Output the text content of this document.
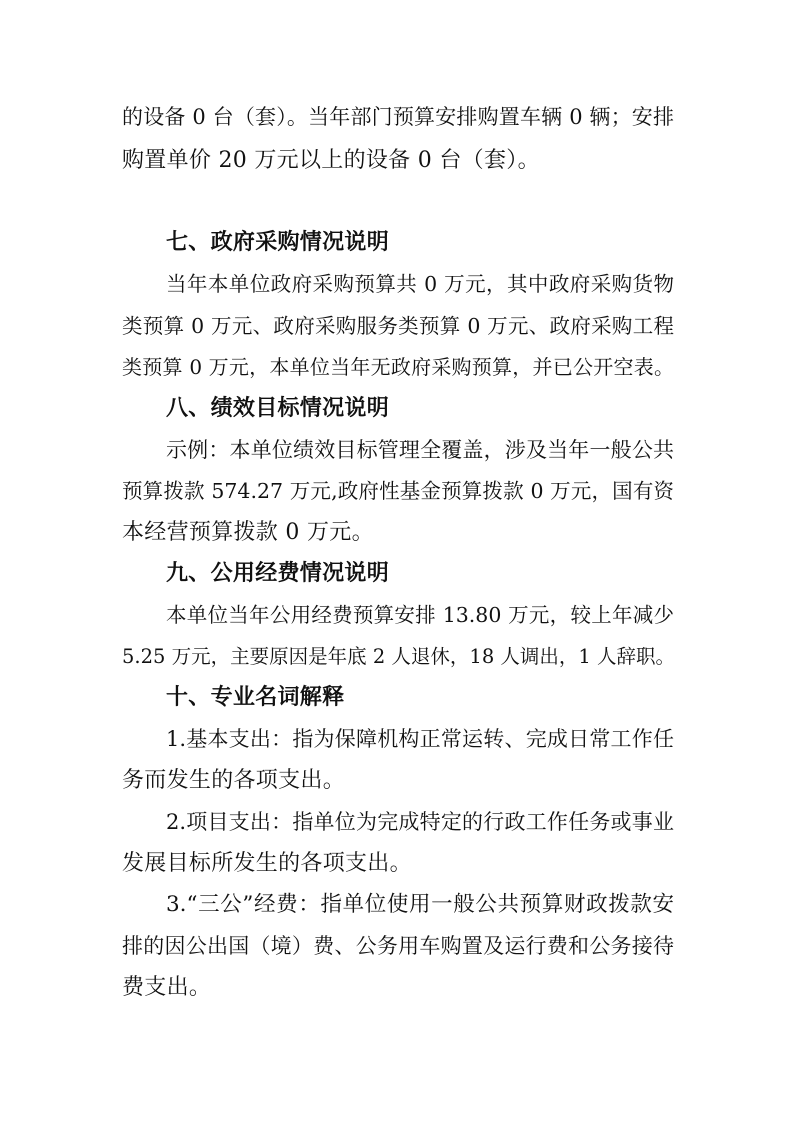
的设备 0 台（套）。当年部门预算安排购置车辆 0 辆；安排
购置单价 20 万元以上的设备 0 台（套）。
七、政府采购情况说明
当年本单位政府采购预算共 0 万元，其中政府采购货物
类预算 0 万元、政府采购服务类预算 0 万元、政府采购工程
类预算 0 万元，本单位当年无政府采购预算，并已公开空表。
八、绩效目标情况说明
示例：本单位绩效目标管理全覆盖，涉及当年一般公共
预算拨款 574.27 万元,政府性基金预算拨款 0 万元，国有资
本经营预算拨款 0 万元。
九、公用经费情况说明
本单位当年公用经费预算安排 13.80 万元，较上年减少
5.25 万元，主要原因是年底 2 人退休，18 人调出，1 人辞职。
十、专业名词解释
1.基本支出：指为保障机构正常运转、完成日常工作任
务而发生的各项支出。
2.项目支出：指单位为完成特定的行政工作任务或事业
发展目标所发生的各项支出。
3.“三公”经费：指单位使用一般公共预算财政拨款安
排的因公出国（境）费、公务用车购置及运行费和公务接待
费支出。
